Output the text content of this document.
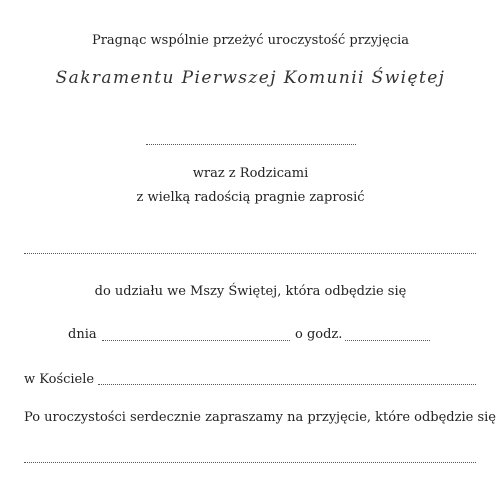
Pragnąc wspólnie przeżyć uroczystość przyjęcia
Sakramentu Pierwszej Komunii Świętej
wraz z Rodzicami
z wielką radością pragnie zaprosić
do udziału we Mszy Świętej, która odbędzie się
dnia	o godz.
w Kościele
Po uroczystości serdecznie zapraszamy na przyjęcie, które odbędzie się
